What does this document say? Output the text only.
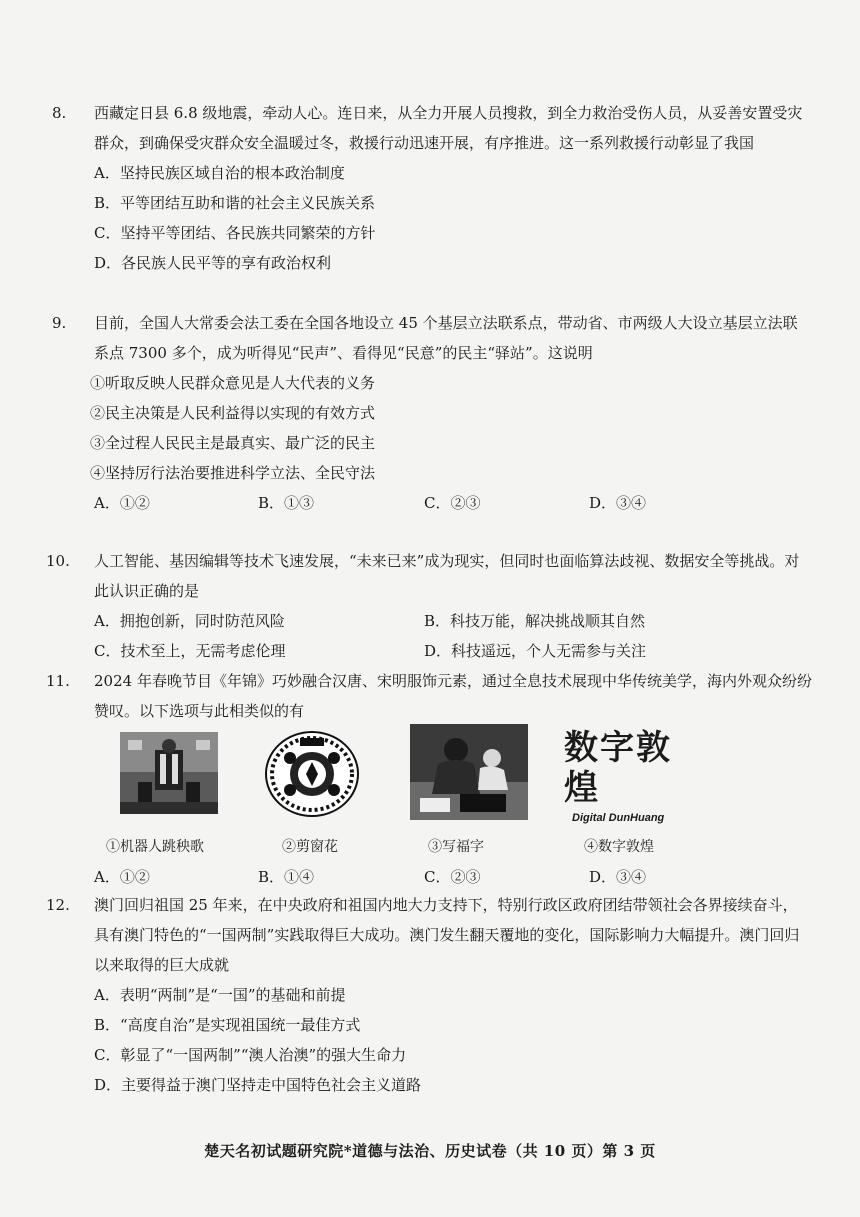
8. 西藏定日县 6.8 级地震，牵动人心。连日来，从全力开展人员搜救，到全力救治受伤人员，从妥善安置受灾群众，到确保受灾群众安全温暖过冬，救援行动迅速开展，有序推进。这一系列救援行动彰显了我国
A．坚持民族区域自治的根本政治制度
B．平等团结互助和谐的社会主义民族关系
C．坚持平等团结、各民族共同繁荣的方针
D．各民族人民平等的享有政治权利
9. 目前，全国人大常委会法工委在全国各地设立 45 个基层立法联系点，带动省、市两级人大设立基层立法联系点 7300 多个，成为听得见“民声”、看得见“民意”的民主“驿站”。这说明
①听取反映人民群众意见是人大代表的义务
②民主决策是人民利益得以实现的有效方式
③全过程人民民主是最真实、最广泛的民主
④坚持厉行法治要推进科学立法、全民守法
A．①②	B．①③	C．②③	D．③④
10. 人工智能、基因编辑等技术飞速发展，“未来已来”成为现实，但同时也面临算法歧视、数据安全等挑战。对此认识正确的是
A．拥抱创新，同时防范风险	B．科技万能，解决挑战顺其自然
C．技术至上，无需考虑伦理	D．科技遥远，个人无需参与关注
11. 2024 年春晚节目《年锦》巧妙融合汉唐、宋明服饰元素，通过全息技术展现中华传统美学，海内外观众纷纷赞叹。以下选项与此相类似的有
①机器人跳秧歌	②剪窗花	③写福字
数字敦煌
Digital DunHuang
④数字敦煌
A．①②	B．①④	C．②③	D．③④
12. 澳门回归祖国 25 年来，在中央政府和祖国内地大力支持下，特别行政区政府团结带领社会各界接续奋斗，具有澳门特色的“一国两制”实践取得巨大成功。澳门发生翻天覆地的变化，国际影响力大幅提升。澳门回归以来取得的巨大成就
A．表明“两制”是“一国”的基础和前提
B．“高度自治”是实现祖国统一最佳方式
C．彰显了“一国两制”“澳人治澳”的强大生命力
D．主要得益于澳门坚持走中国特色社会主义道路
楚天名初试题研究院*道德与法治、历史试卷（共 10 页）第 3 页
